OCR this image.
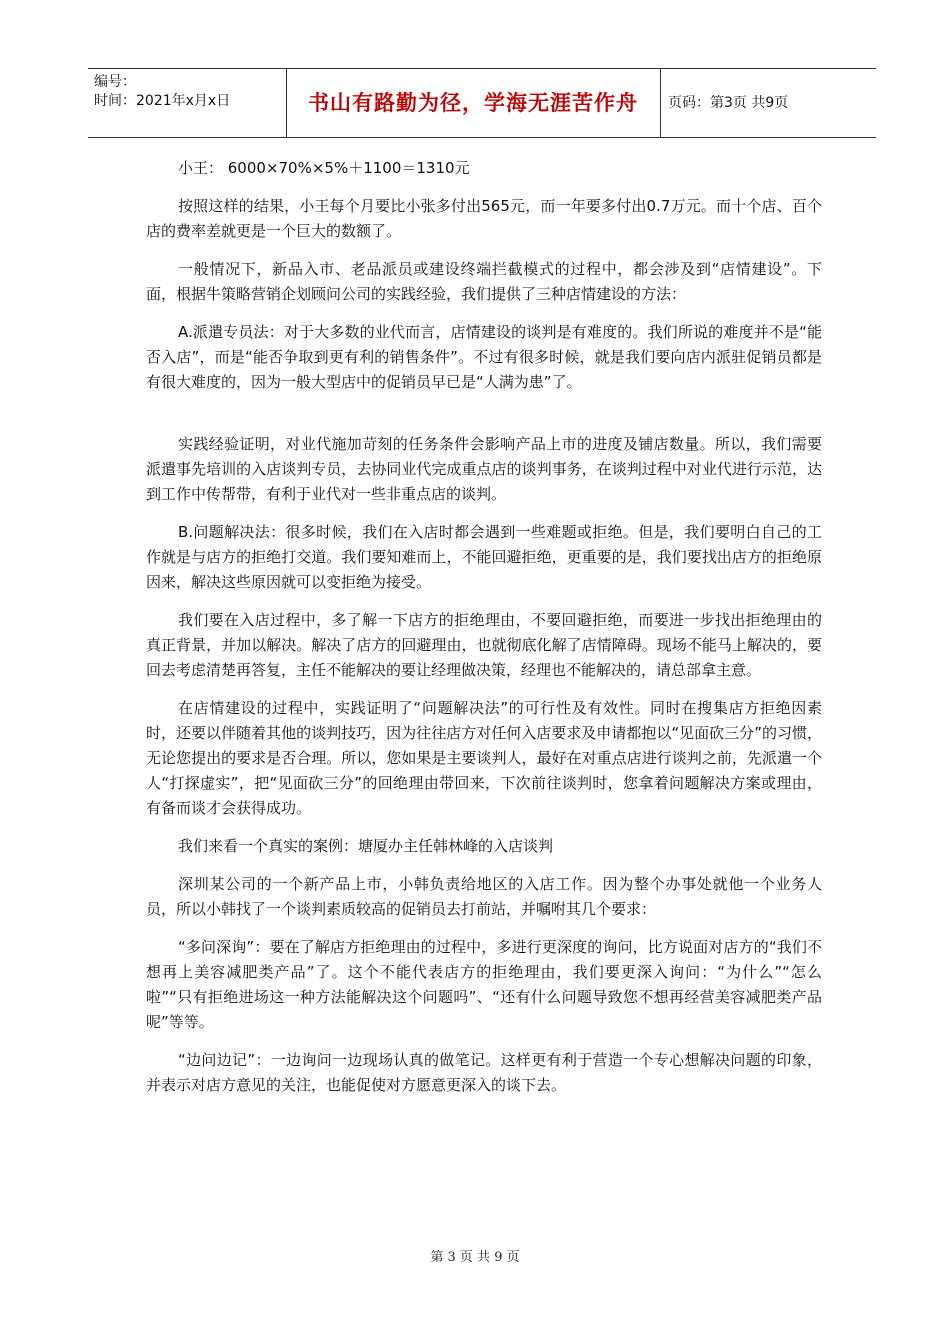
编号：
时间：2021年x月x日	书山有路勤为径，学海无涯苦作舟	页码：第3页 共9页

小王： 6000×70%×5%＋1100＝1310元

按照这样的结果，小王每个月要比小张多付出565元，而一年要多付出0.7万元。而十个店、百个店的费率差就更是一个巨大的数额了。

一般情况下，新品入市、老品派员或建设终端拦截模式的过程中，都会涉及到“店情建设”。下面，根据牛策略营销企划顾问公司的实践经验，我们提供了三种店情建设的方法：

A.派遣专员法：对于大多数的业代而言，店情建设的谈判是有难度的。我们所说的难度并不是“能否入店”，而是“能否争取到更有利的销售条件”。不过有很多时候，就是我们要向店内派驻促销员都是有很大难度的，因为一般大型店中的促销员早已是“人满为患”了。

实践经验证明，对业代施加苛刻的任务条件会影响产品上市的进度及铺店数量。所以，我们需要派遣事先培训的入店谈判专员，去协同业代完成重点店的谈判事务，在谈判过程中对业代进行示范，达到工作中传帮带，有利于业代对一些非重点店的谈判。

B.问题解决法：很多时候，我们在入店时都会遇到一些难题或拒绝。但是，我们要明白自己的工作就是与店方的拒绝打交道。我们要知难而上，不能回避拒绝，更重要的是，我们要找出店方的拒绝原因来，解决这些原因就可以变拒绝为接受。

我们要在入店过程中，多了解一下店方的拒绝理由，不要回避拒绝，而要进一步找出拒绝理由的真正背景，并加以解决。解决了店方的回避理由，也就彻底化解了店情障碍。现场不能马上解决的，要回去考虑清楚再答复，主任不能解决的要让经理做决策，经理也不能解决的，请总部拿主意。

在店情建设的过程中，实践证明了“问题解决法”的可行性及有效性。同时在搜集店方拒绝因素时，还要以伴随着其他的谈判技巧，因为往往店方对任何入店要求及申请都抱以“见面砍三分”的习惯，无论您提出的要求是否合理。所以，您如果是主要谈判人，最好在对重点店进行谈判之前，先派遣一个人“打探虚实”，把“见面砍三分”的回绝理由带回来，下次前往谈判时，您拿着问题解决方案或理由，有备而谈才会获得成功。

我们来看一个真实的案例：塘厦办主任韩林峰的入店谈判

深圳某公司的一个新产品上市，小韩负责给地区的入店工作。因为整个办事处就他一个业务人员，所以小韩找了一个谈判素质较高的促销员去打前站，并嘱咐其几个要求：

“多问深询”：要在了解店方拒绝理由的过程中，多进行更深度的询问，比方说面对店方的“我们不想再上美容减肥类产品”了。这个不能代表店方的拒绝理由，我们要更深入询问：“为什么”“怎么啦”“只有拒绝进场这一种方法能解决这个问题吗”、“还有什么问题导致您不想再经营美容减肥类产品呢”等等。

“边问边记”：一边询问一边现场认真的做笔记。这样更有利于营造一个专心想解决问题的印象，并表示对店方意见的关注，也能促使对方愿意更深入的谈下去。

第 3 页 共 9 页
